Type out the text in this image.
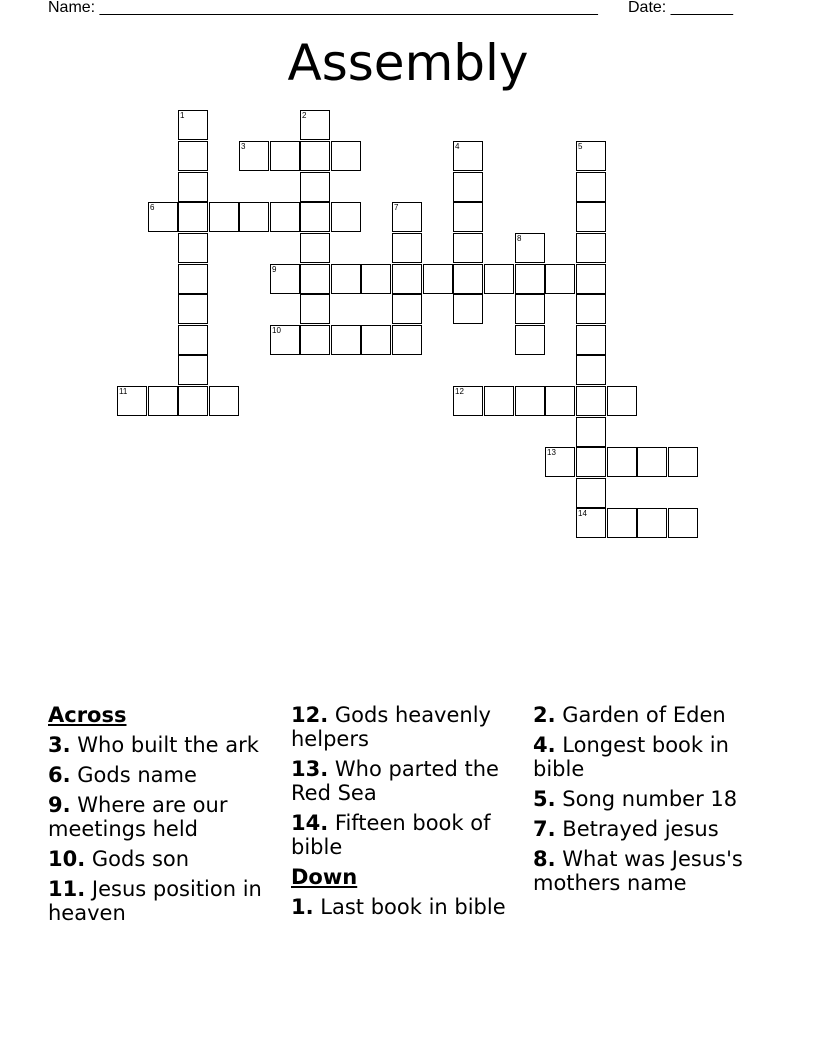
Name: ________________________________________________________ Date: _______
Assembly
1	2
3	4	5
6	7
8
9
10
11	12
13
14
Across
3. Who built the ark
6. Gods name
9. Where are our meetings held
10. Gods son
11. Jesus position in heaven
12. Gods heavenly helpers
13. Who parted the Red Sea
14. Fifteen book of bible
Down
1. Last book in bible
2. Garden of Eden
4. Longest book in bible
5. Song number 18
7. Betrayed jesus
8. What was Jesus's mothers name
